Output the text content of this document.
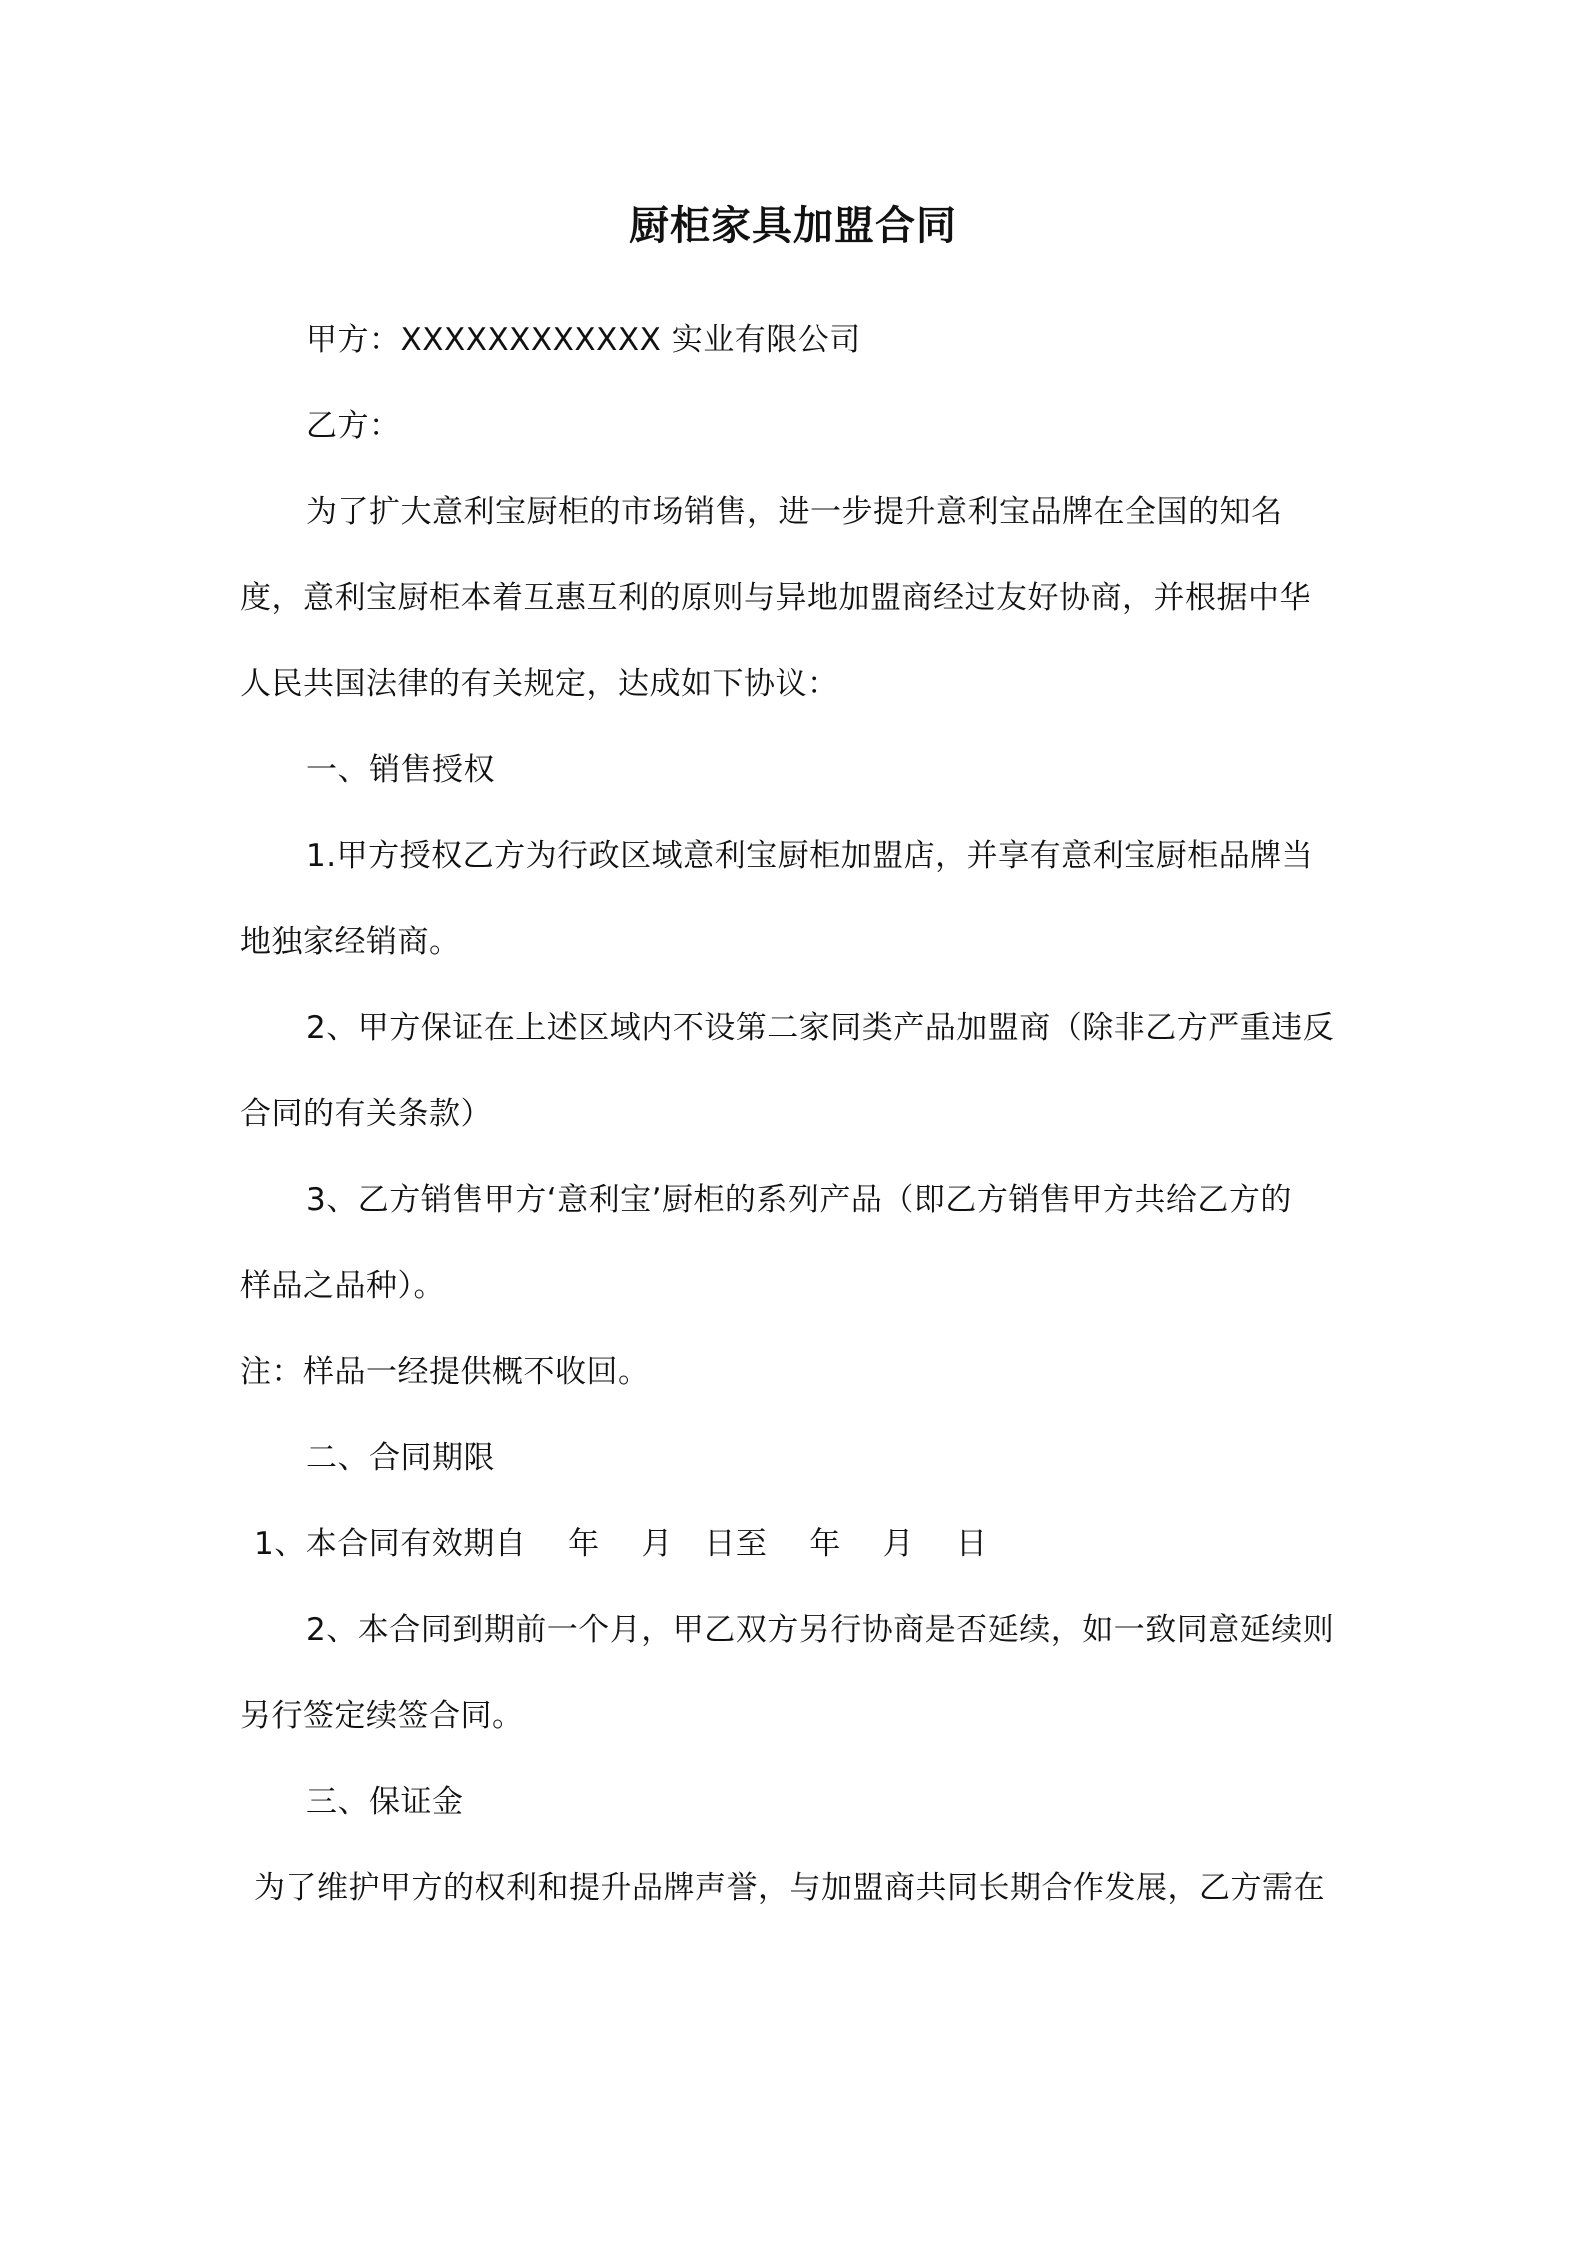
厨柜家具加盟合同
甲方：XXXXXXXXXXXX 实业有限公司
乙方：
为了扩大意利宝厨柜的市场销售，进一步提升意利宝品牌在全国的知名
度，意利宝厨柜本着互惠互利的原则与异地加盟商经过友好协商，并根据中华
人民共国法律的有关规定，达成如下协议：
一、销售授权
1.甲方授权乙方为行政区域意利宝厨柜加盟店，并享有意利宝厨柜品牌当
地独家经销商。
2、甲方保证在上述区域内不设第二家同类产品加盟商（除非乙方严重违反
合同的有关条款）
3、乙方销售甲方‘意利宝’厨柜的系列产品（即乙方销售甲方共给乙方的
样品之品种）。
注：样品一经提供概不收回。
二、合同期限
1、本合同有效期自　 年　 月　日至　 年　 月　 日
2、本合同到期前一个月，甲乙双方另行协商是否延续，如一致同意延续则
另行签定续签合同。
三、保证金
为了维护甲方的权利和提升品牌声誉，与加盟商共同长期合作发展，乙方需在
